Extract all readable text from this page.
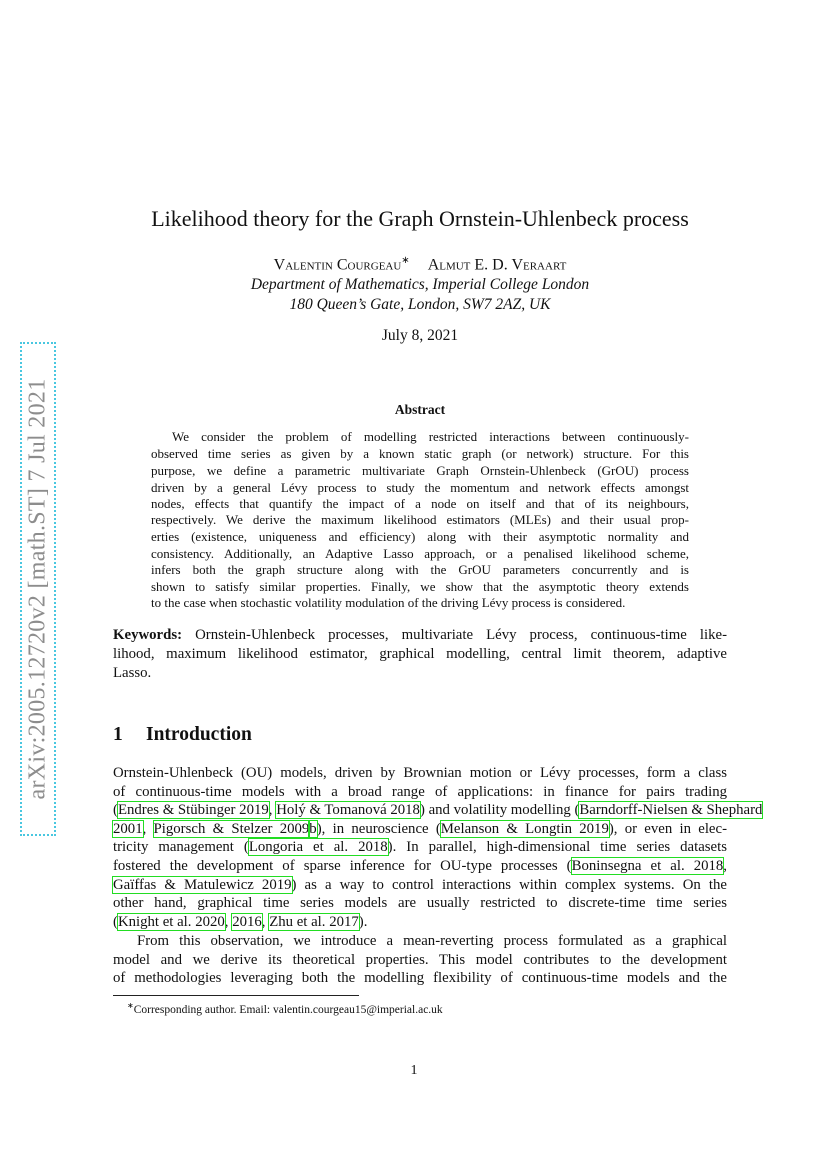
arXiv:2005.12720v2 [math.ST] 7 Jul 2021
Likelihood theory for the Graph Ornstein-Uhlenbeck process
Valentin Courgeau∗ Almut E. D. Veraart
Department of Mathematics, Imperial College London
180 Queen’s Gate, London, SW7 2AZ, UK
July 8, 2021
Abstract
We consider the problem of modelling restricted interactions between continuously-
observed time series as given by a known static graph (or network) structure. For this
purpose, we define a parametric multivariate Graph Ornstein-Uhlenbeck (GrOU) process
driven by a general Lévy process to study the momentum and network effects amongst
nodes, effects that quantify the impact of a node on itself and that of its neighbours,
respectively. We derive the maximum likelihood estimators (MLEs) and their usual prop-
erties (existence, uniqueness and efficiency) along with their asymptotic normality and
consistency. Additionally, an Adaptive Lasso approach, or a penalised likelihood scheme,
infers both the graph structure along with the GrOU parameters concurrently and is
shown to satisfy similar properties. Finally, we show that the asymptotic theory extends
to the case when stochastic volatility modulation of the driving Lévy process is considered.
Keywords: Ornstein-Uhlenbeck processes, multivariate Lévy process, continuous-time like-
lihood, maximum likelihood estimator, graphical modelling, central limit theorem, adaptive
Lasso.
1 Introduction
Ornstein-Uhlenbeck (OU) models, driven by Brownian motion or Lévy processes, form a class
of continuous-time models with a broad range of applications: in finance for pairs trading
(Endres & Stübinger 2019, Holý & Tomanová 2018) and volatility modelling (Barndorff-Nielsen & Shephard
2001, Pigorsch & Stelzer 2009b), in neuroscience (Melanson & Longtin 2019), or even in elec-
tricity management (Longoria et al. 2018). In parallel, high-dimensional time series datasets
fostered the development of sparse inference for OU-type processes (Boninsegna et al. 2018,
Gaïffas & Matulewicz 2019) as a way to control interactions within complex systems. On the
other hand, graphical time series models are usually restricted to discrete-time time series
(Knight et al. 2020, 2016, Zhu et al. 2017).
From this observation, we introduce a mean-reverting process formulated as a graphical
model and we derive its theoretical properties. This model contributes to the development
of methodologies leveraging both the modelling flexibility of continuous-time models and the
∗Corresponding author. Email: valentin.courgeau15@imperial.ac.uk
1
